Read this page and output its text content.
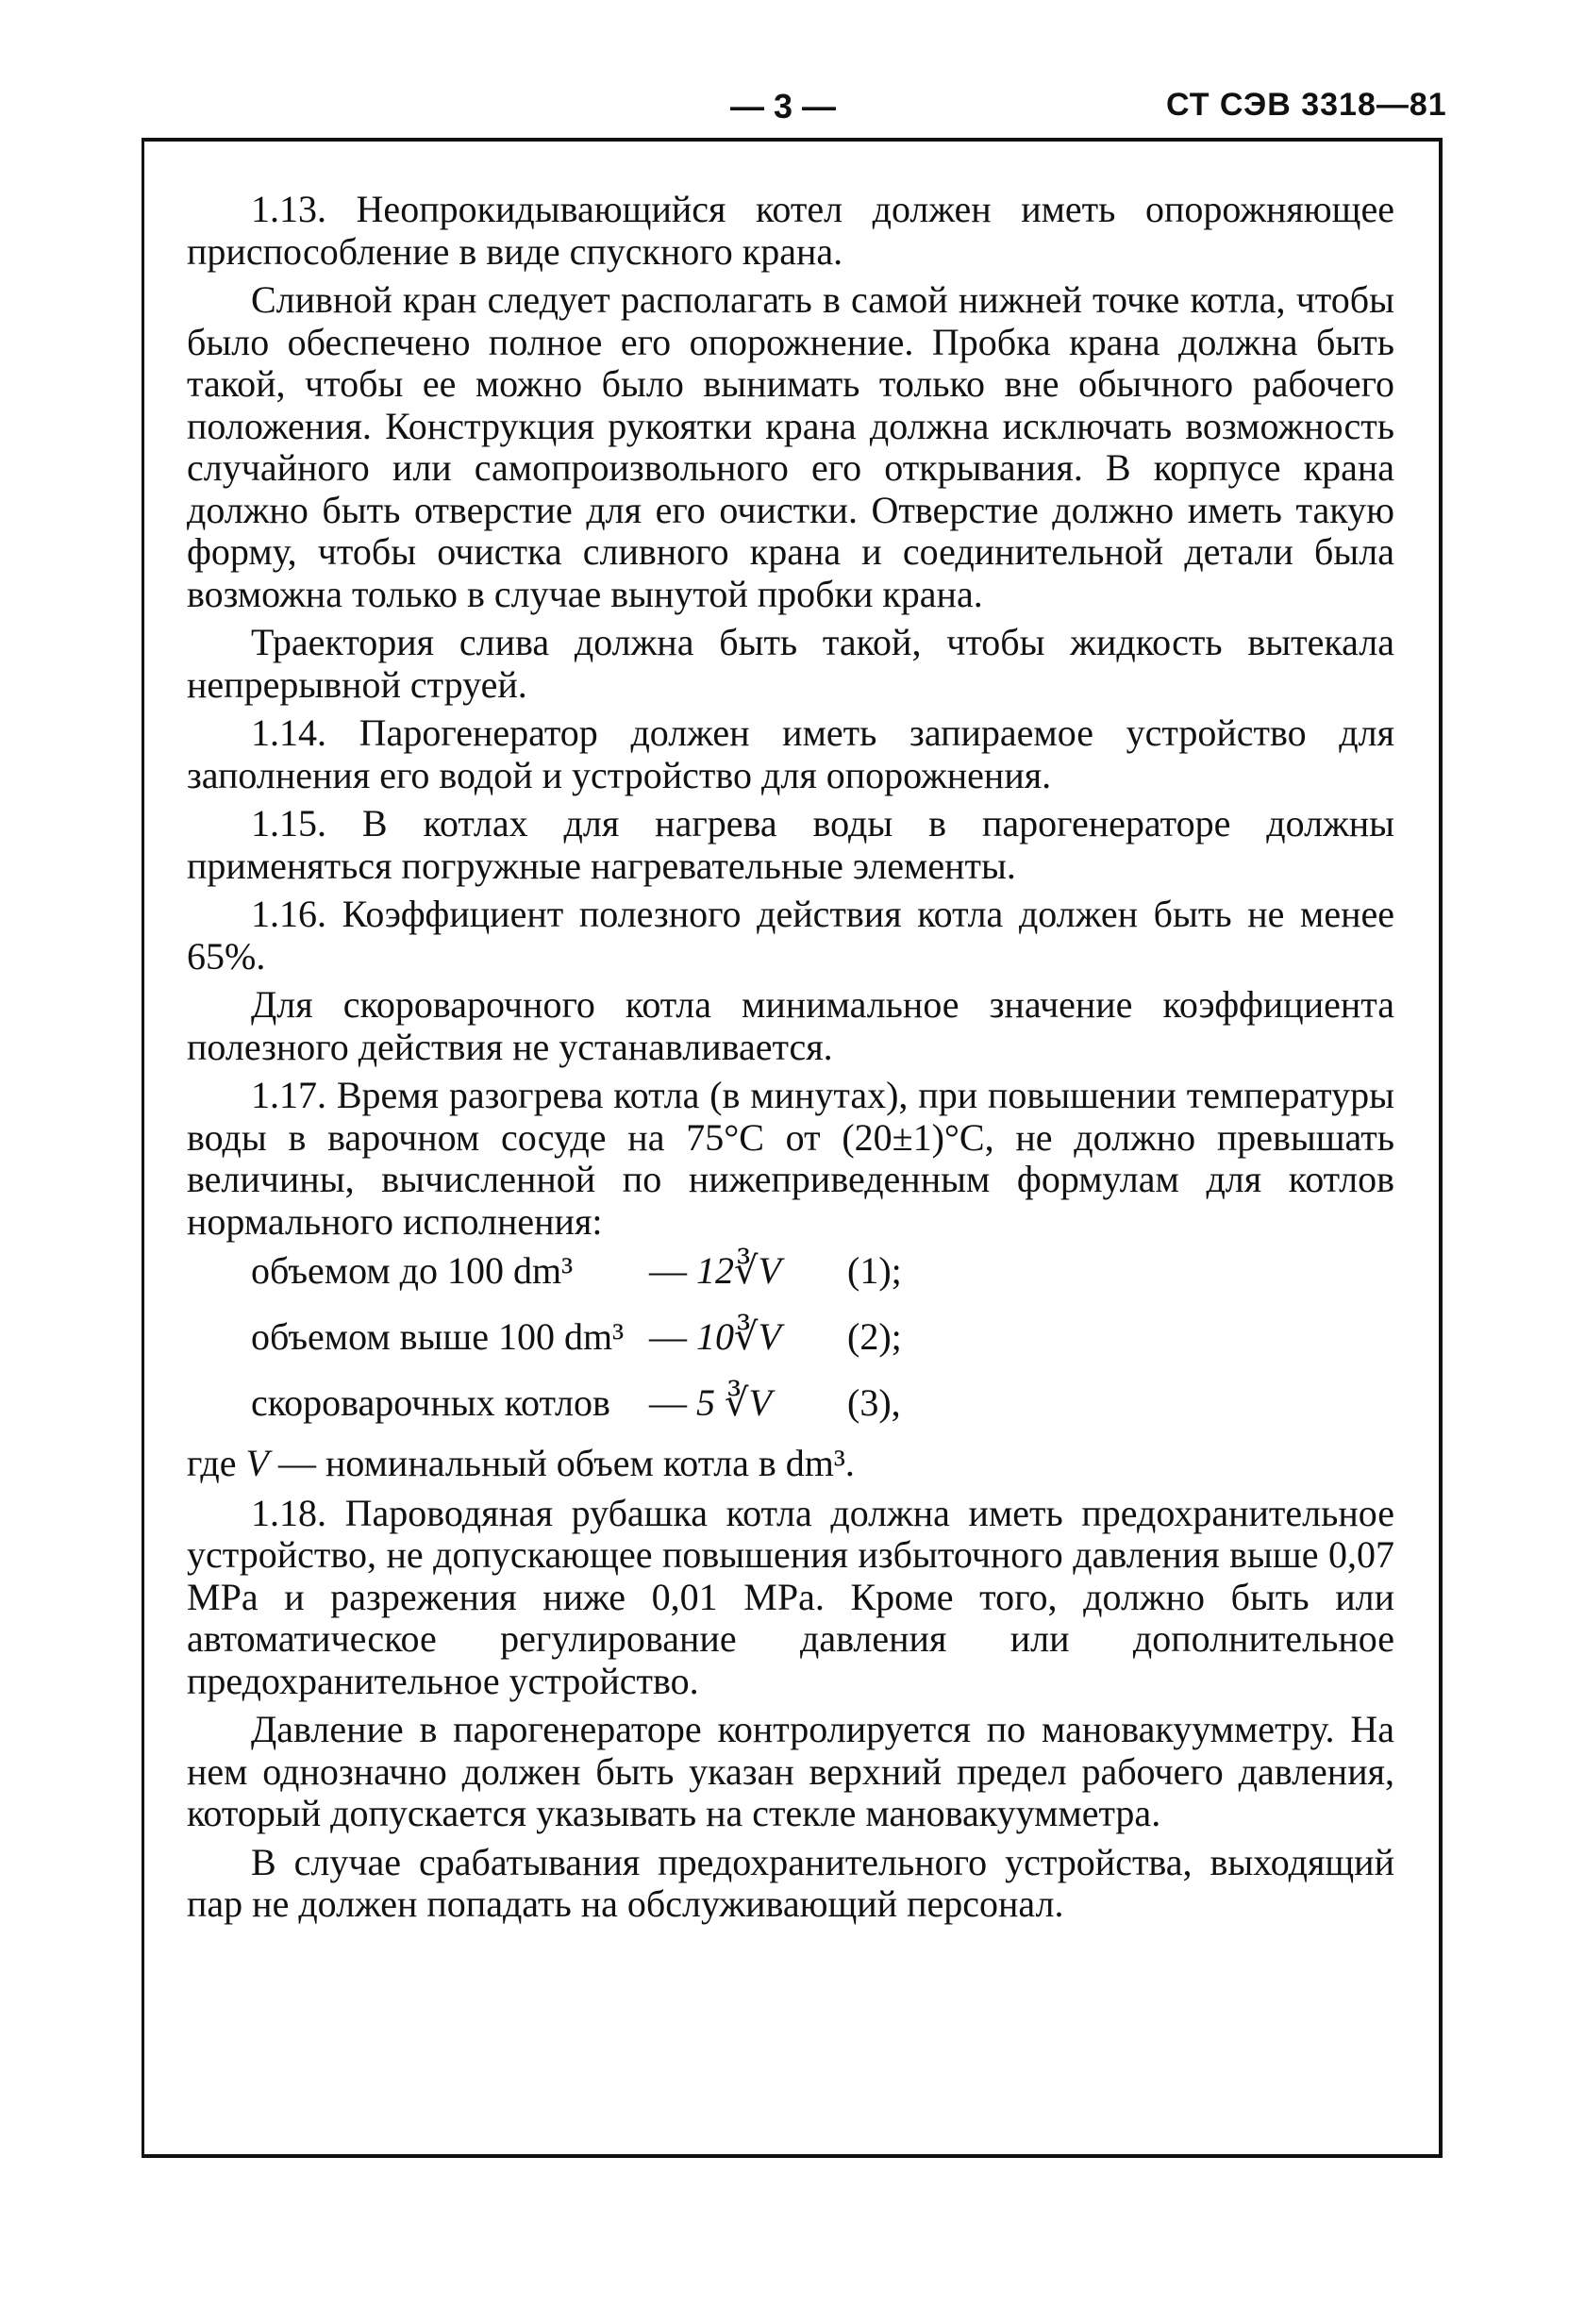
— 3 —	СТ СЭВ 3318—81

1.13. Неопрокидывающийся котел должен иметь опорожняющее приспособление в виде спускного крана.

Сливной кран следует располагать в самой нижней точке котла, чтобы было обеспечено полное его опорожнение. Пробка крана должна быть такой, чтобы ее можно было вынимать только вне обычного рабочего положения. Конструкция рукоятки крана должна исключать возможность случайного или самопроизвольного его открывания. В корпусе крана должно быть отверстие для его очистки. Отверстие должно иметь такую форму, чтобы очистка сливного крана и соединительной детали была возможна только в случае вынутой пробки крана.

Траектория слива должна быть такой, чтобы жидкость вытекала непрерывной струей.

1.14. Парогенератор должен иметь запираемое устройство для заполнения его водой и устройство для опорожнения.

1.15. В котлах для нагрева воды в парогенераторе должны применяться погружные нагревательные элементы.

1.16. Коэффициент полезного действия котла должен быть не менее 65%.

Для скороварочного котла минимальное значение коэффициента полезного действия не устанавливается.

1.17. Время разогрева котла (в минутах), при повышении температуры воды в варочном сосуде на 75°C от (20±1)°C, не должно превышать величины, вычисленной по нижеприведенным формулам для котлов нормального исполнения:

объемом до 100 dm³	— 12∛V	(1);
объемом выше 100 dm³ — 10∛V	(2);
скороварочных котлов	— 5 ∛V	(3),
где V — номинальный объем котла в dm³.

1.18. Пароводяная рубашка котла должна иметь предохранительное устройство, не допускающее повышения избыточного давления выше 0,07 MPa и разрежения ниже 0,01 MPa. Кроме того, должно быть или автоматическое регулирование давления или дополнительное предохранительное устройство.

Давление в парогенераторе контролируется по мановакуумметру. На нем однозначно должен быть указан верхний предел рабочего давления, который допускается указывать на стекле мановакуумметра.

В случае срабатывания предохранительного устройства, выходящий пар не должен попадать на обслуживающий персонал.
